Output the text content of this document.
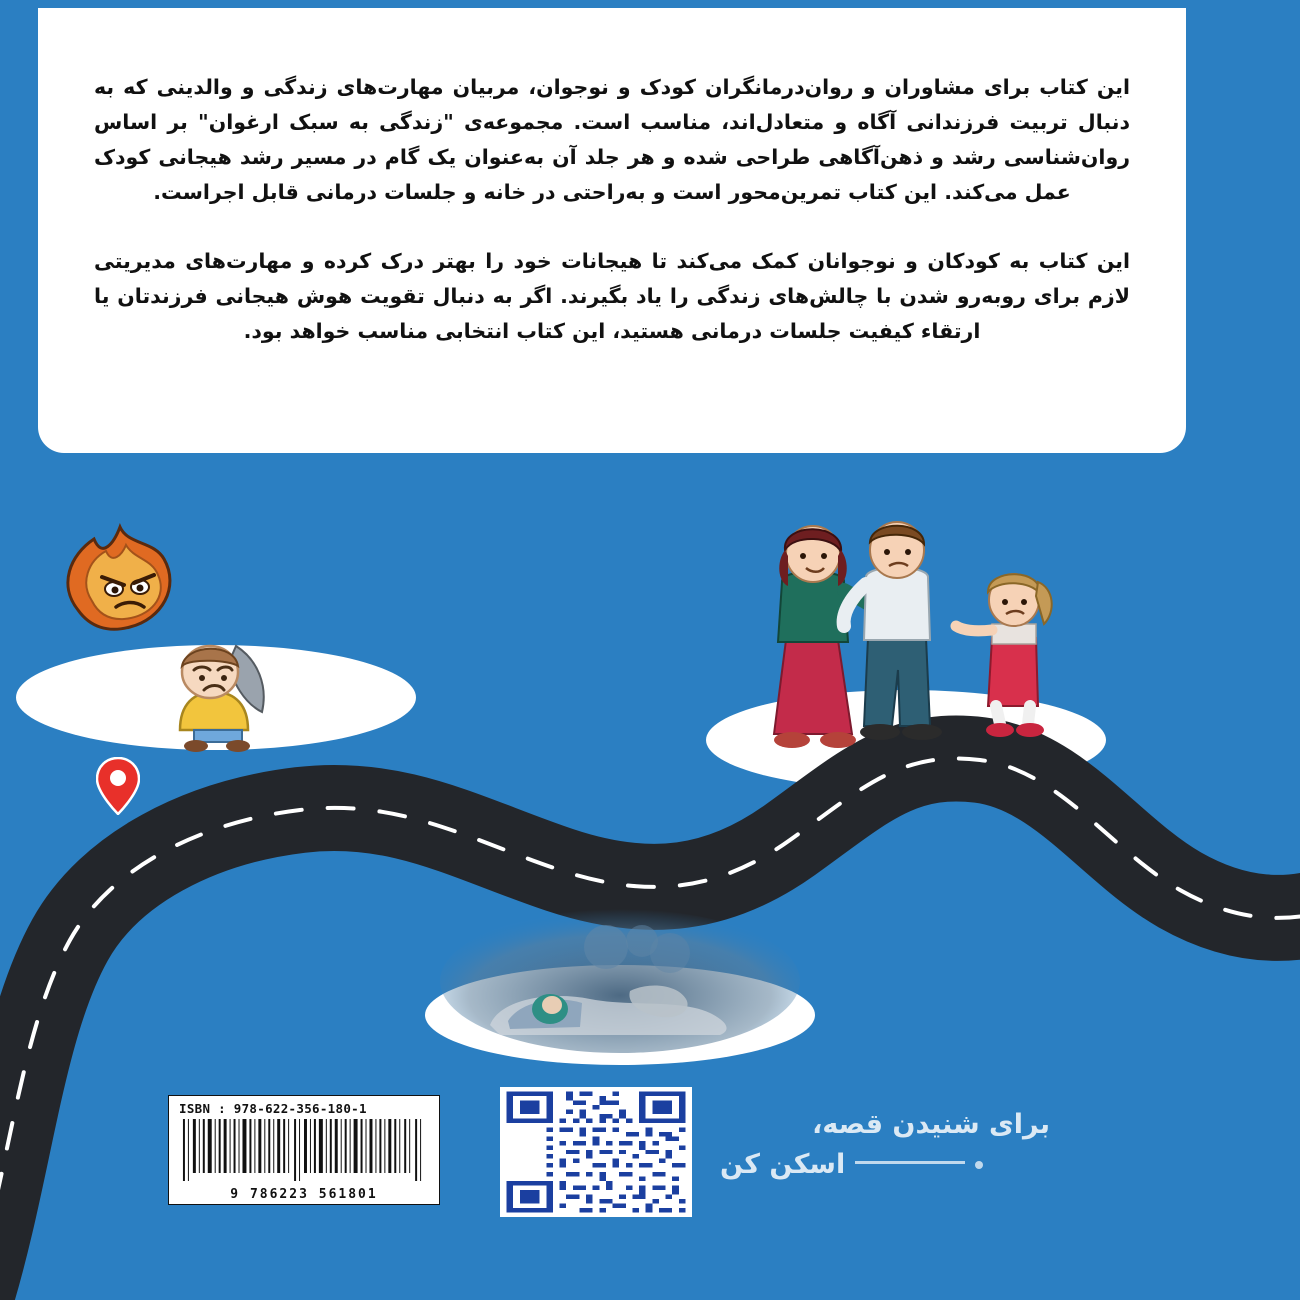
این کتاب برای مشاوران و روان‌درمانگران کودک و نوجوان، مربیان مهارت‌های زندگی و والدینی که به دنبال تربیت فرزندانی آگاه و متعادل‌اند، مناسب است. مجموعه‌ی "زندگی به سبک ارغوان" بر اساس روان‌شناسی رشد و ذهن‌آگاهی طراحی شده و هر جلد آن به‌عنوان یک گام در مسیر رشد هیجانی کودک عمل می‌کند. این کتاب تمرین‌محور است و به‌راحتی در خانه و جلسات درمانی قابل اجراست.

این کتاب به کودکان و نوجوانان کمک می‌کند تا هیجانات خود را بهتر درک کرده و مهارت‌های مدیریتی لازم برای روبه‌رو شدن با چالش‌های زندگی را یاد بگیرند. اگر به دنبال تقویت هوش هیجانی فرزندتان یا ارتقاء کیفیت جلسات درمانی هستید، این کتاب انتخابی مناسب خواهد بود.

ISBN : 978-622-356-180-1
9 786223 561801
برای شنیدن قصه،
اسکن کن
